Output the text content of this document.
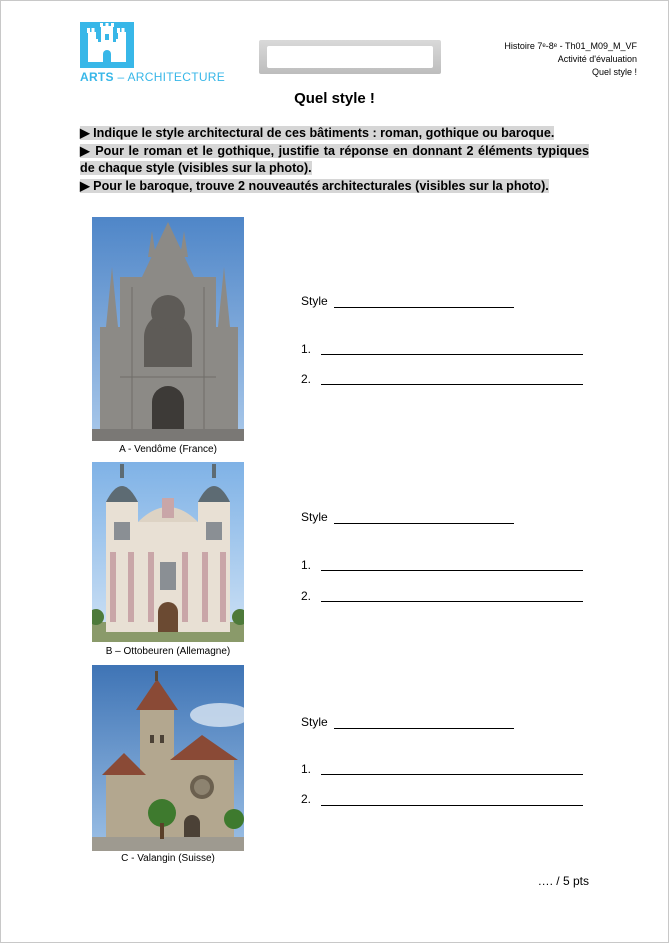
ARTS – ARCHITECTURE
Histoire 7ᵉ-8ᵉ - Th01_M09_M_VF
Activité d'évaluation
Quel style !
Quel style !
▶ Indique le style architectural de ces bâtiments : roman, gothique ou baroque.
▶ Pour le roman et le gothique, justifie ta réponse en donnant 2 éléments typiques de chaque style (visibles sur la photo).
▶ Pour le baroque, trouve 2 nouveautés architecturales (visibles sur la photo).
A - Vendôme (France)
Style
1.
2.
B – Ottobeuren (Allemagne)
Style
1.
2.
C - Valangin (Suisse)
Style
1.
2.
…. / 5 pts
